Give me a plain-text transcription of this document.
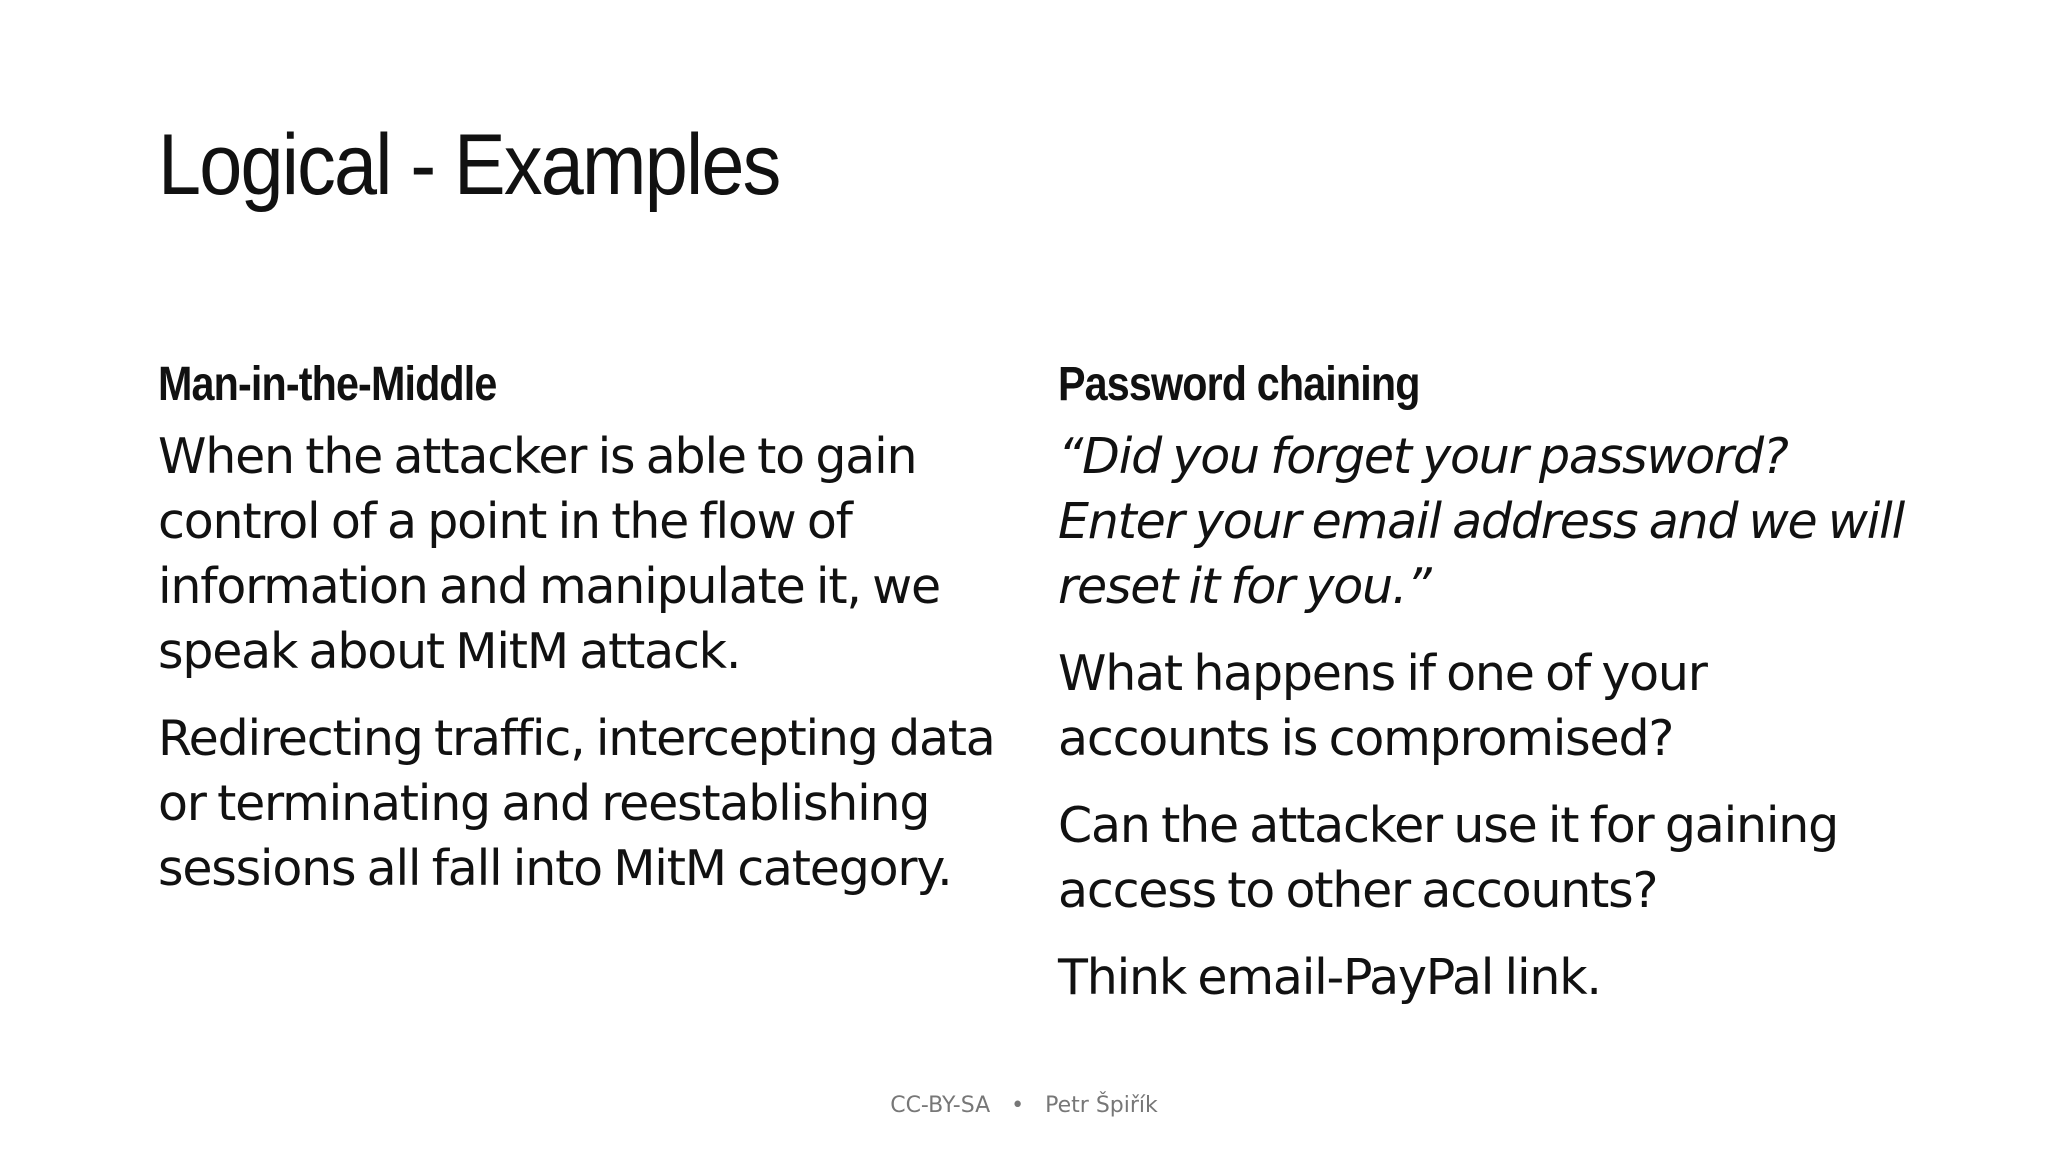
Logical - Examples
Man-in-the-Middle

When the attacker is able to gain control of a point in the flow of information and manipulate it, we speak about MitM attack.

Redirecting traffic, intercepting data or terminating and reestablishing sessions all fall into MitM category.

Password chaining

“Did you forget your password? Enter your email address and we will reset it for you.”

What happens if one of your accounts is compromised?

Can the attacker use it for gaining access to other accounts?

Think email-PayPal link.

CC-BY-SA • Petr Špiřík
